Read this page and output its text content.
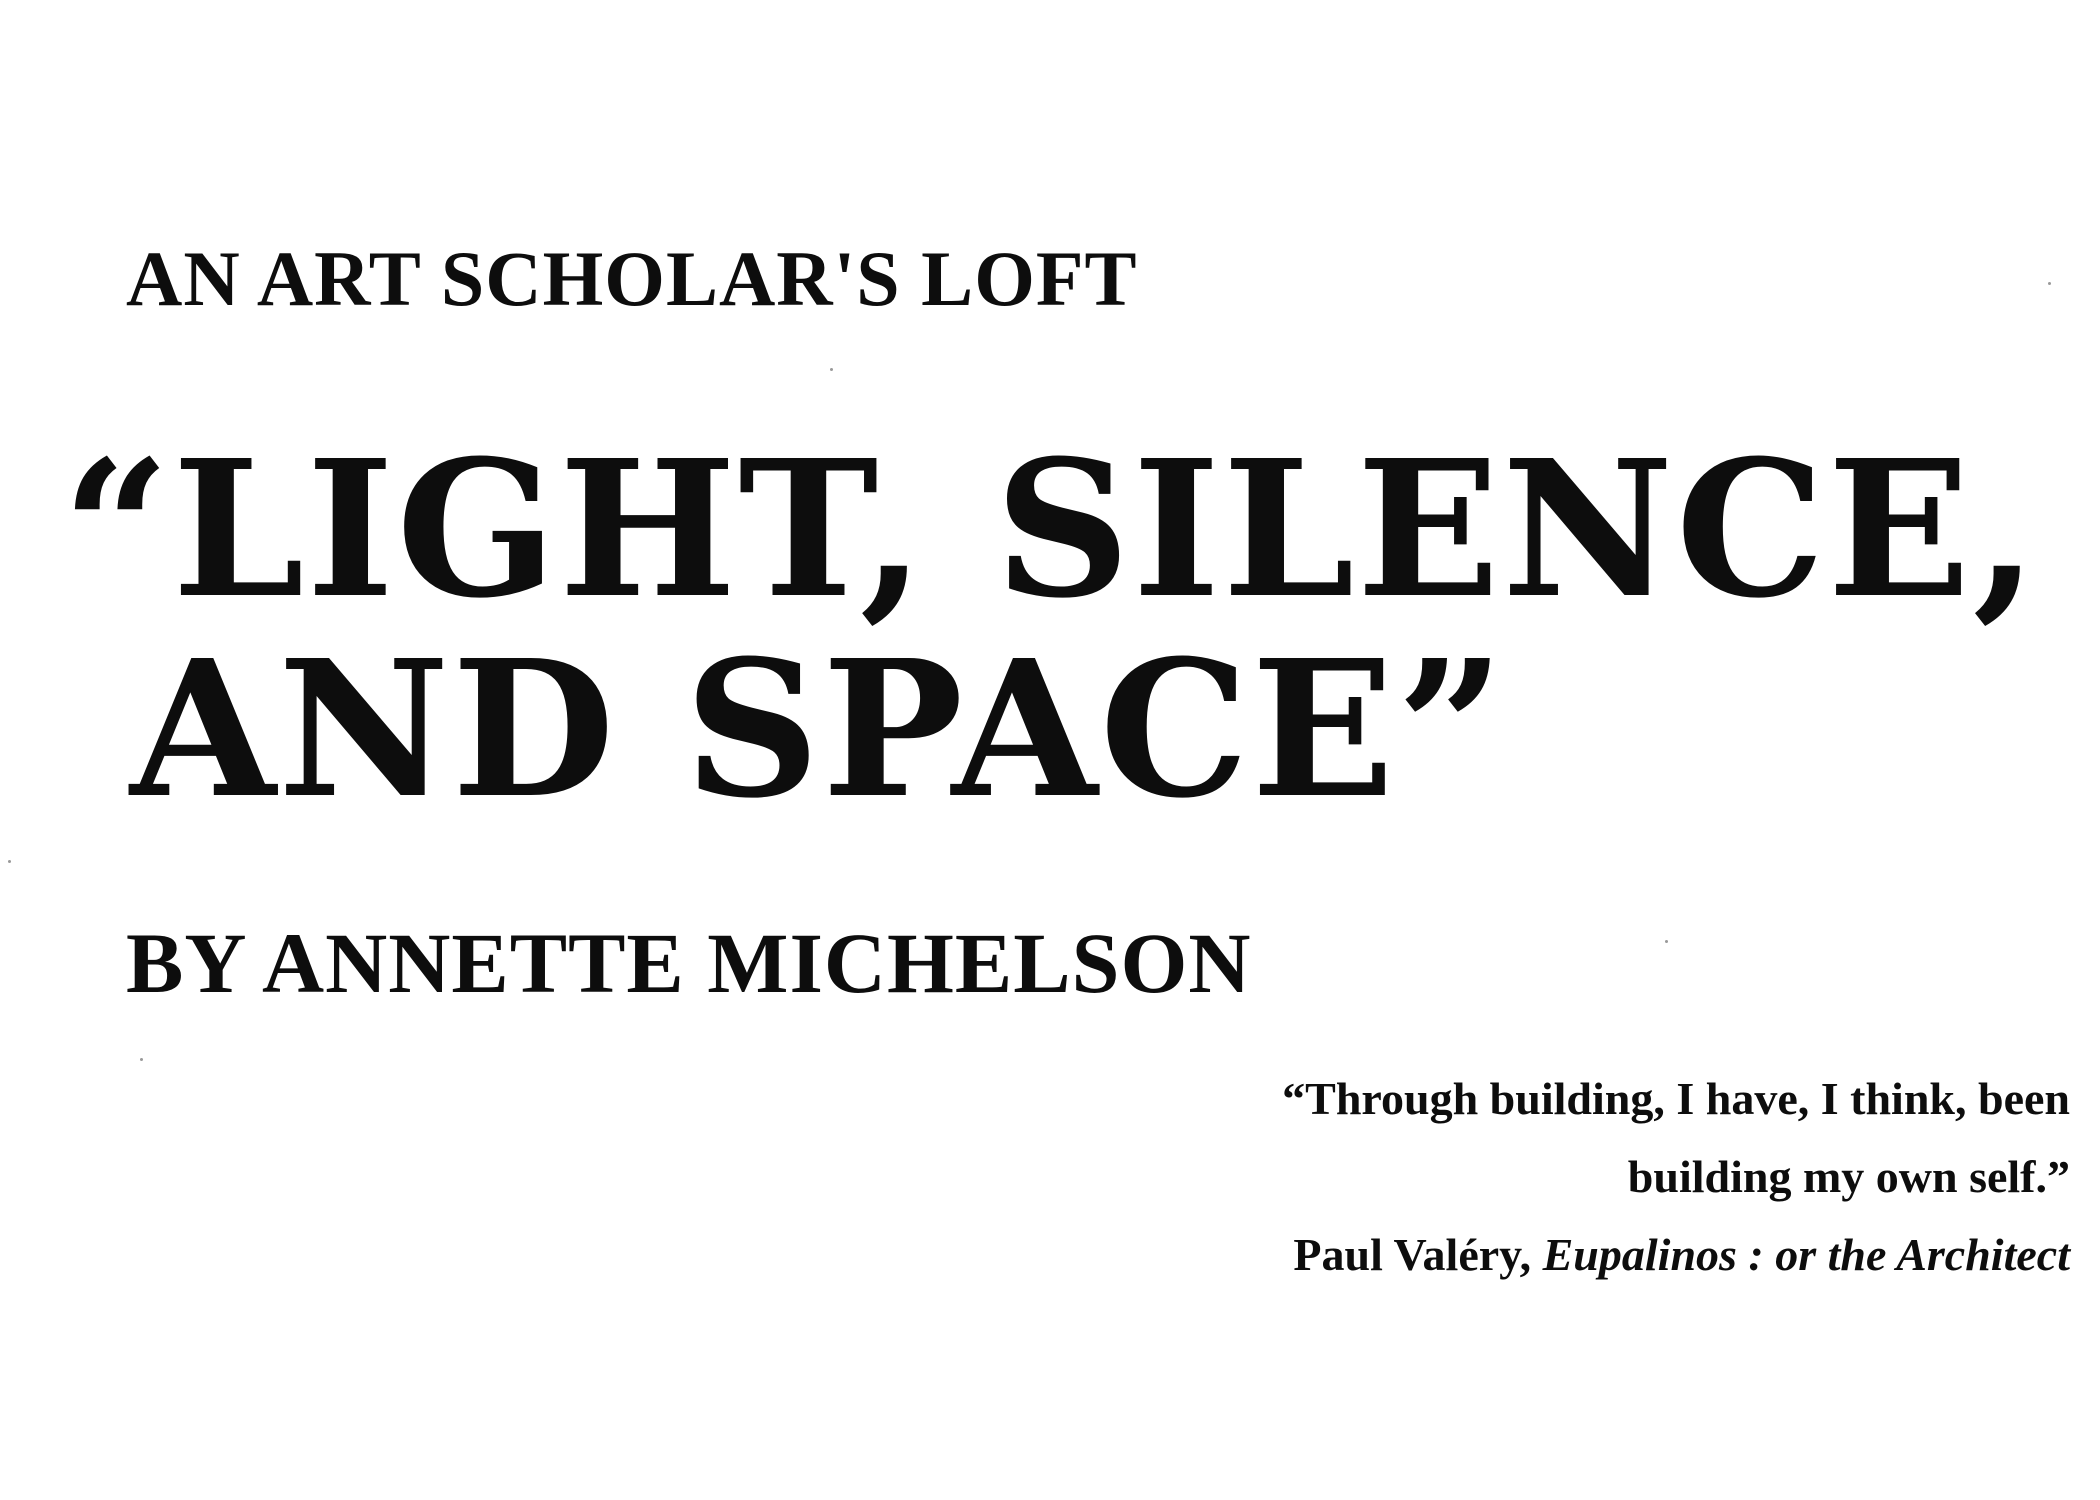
AN ART SCHOLAR'S LOFT
“LIGHT, SILENCE,
AND SPACE”
BY ANNETTE MICHELSON
“Through building, I have, I think, been
building my own self.”
Paul Valéry, Eupalinos : or the Architect
